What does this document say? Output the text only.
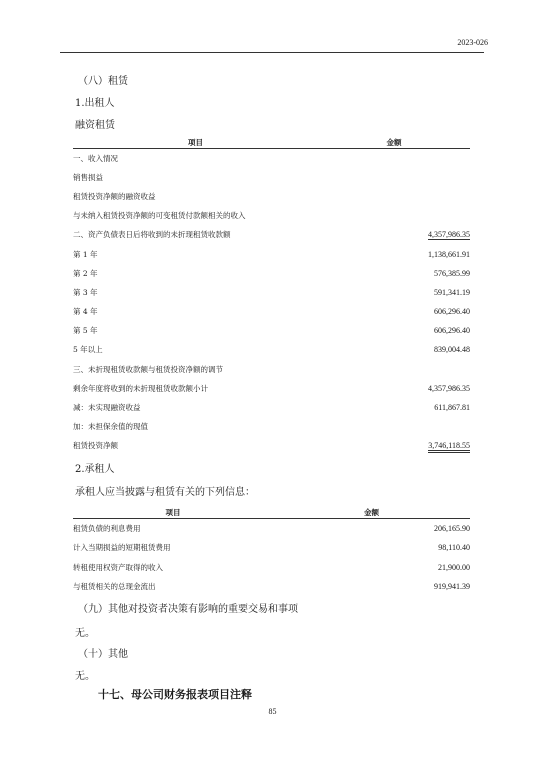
2023-026
（八）租赁
1.出租人
融资租赁
项目	金额
一、收入情况	
销售损益	
租赁投资净额的融资收益	
与未纳入租赁投资净额的可变租赁付款额相关的收入	
二、资产负债表日后将收到的未折现租赁收款额	4,357,986.35
第 1 年	1,138,661.91
第 2 年	576,385.99
第 3 年	591,341.19
第 4 年	606,296.40
第 5 年	606,296.40
5 年以上	839,004.48
三、未折现租赁收款额与租赁投资净额的调节	
剩余年度将收到的未折现租赁收款额小计	4,357,986.35
减：未实现融资收益	611,867.81
加：未担保余值的现值	
租赁投资净额	3,746,118.55
2.承租人
承租人应当披露与租赁有关的下列信息：
项目	金额
租赁负债的利息费用	206,165.90
计入当期损益的短期租赁费用	98,110.40
转租使用权资产取得的收入	21,900.00
与租赁相关的总现金流出	919,941.39
（九）其他对投资者决策有影响的重要交易和事项
无。
（十）其他
无。
十七、母公司财务报表项目注释
85
